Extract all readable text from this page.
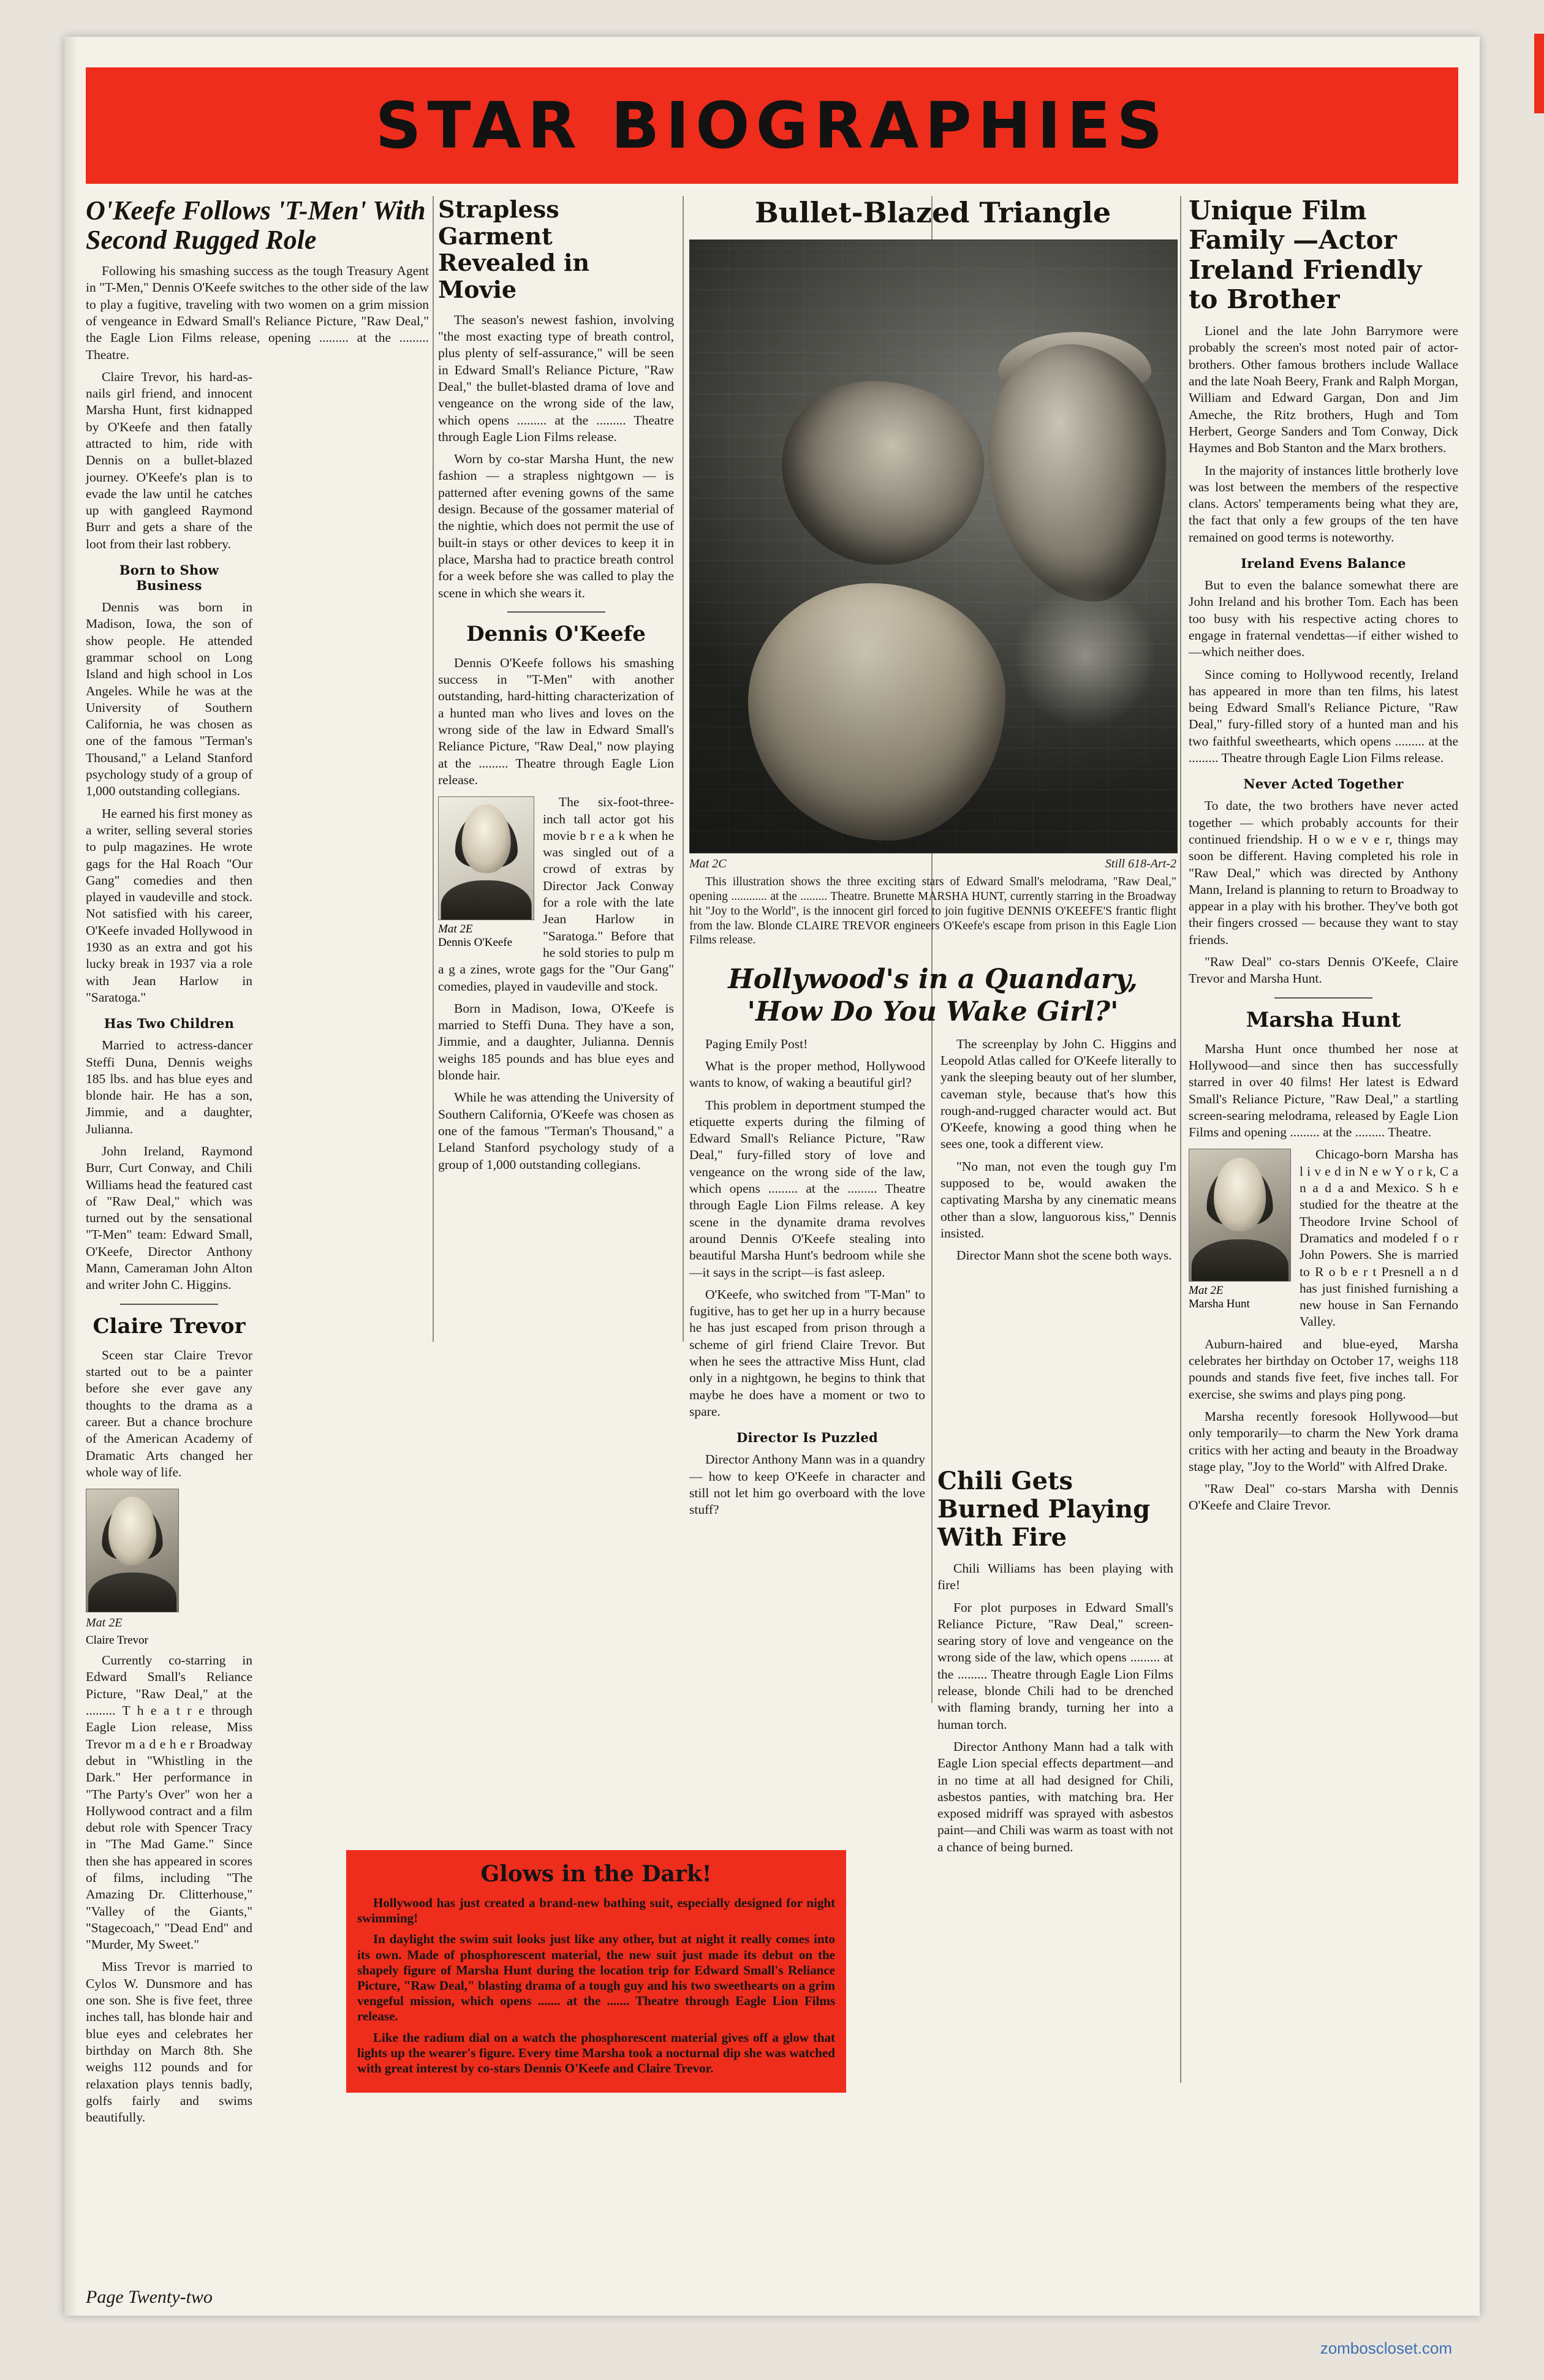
STAR BIOGRAPHIES
O'Keefe Follows 'T-Men' With Second Rugged Role

Following his smashing success as the tough Treasury Agent in "T-Men," Dennis O'Keefe switches to the other side of the law to play a fugitive, traveling with two women on a grim mission of vengeance in Edward Small's Reliance Picture, "Raw Deal," the Eagle Lion Films release, opening ......... at the ......... Theatre.

Claire Trevor, his hard-as-nails girl friend, and innocent Marsha Hunt, first kidnapped by O'Keefe and then fatally attracted to him, ride with Dennis on a bullet-blazed journey. O'Keefe's plan is to evade the law until he catches up with gangleed Raymond Burr and gets a share of the loot from their last robbery.

Born to Show Business

Dennis was born in Madison, Iowa, the son of show people. He attended grammar school on Long Island and high school in Los Angeles. While he was at the University of Southern California, he was chosen as one of the famous "Terman's Thousand," a Leland Stanford psychology study of a group of 1,000 outstanding collegians.

He earned his first money as a writer, selling several stories to pulp magazines. He wrote gags for the Hal Roach "Our Gang" comedies and then played in vaudeville and stock. Not satisfied with his career, O'Keefe invaded Hollywood in 1930 as an extra and got his lucky break in 1937 via a role with Jean Harlow in "Saratoga."

Has Two Children

Married to actress-dancer Steffi Duna, Dennis weighs 185 lbs. and has blue eyes and blonde hair. He has a son, Jimmie, and a daughter, Julianna.

John Ireland, Raymond Burr, Curt Conway, and Chili Williams head the featured cast of "Raw Deal," which was turned out by the sensational "T-Men" team: Edward Small, O'Keefe, Director Anthony Mann, Cameraman John Alton and writer John C. Higgins.

Claire Trevor

Sceen star Claire Trevor started out to be a painter before she ever gave any thoughts to the drama as a career. But a chance brochure of the American Academy of Dramatic Arts changed her whole way of life.

Mat 2E
Claire Trevor

Currently co-starring in Edward Small's Reliance Picture, "Raw Deal," at the ......... T h e a t r e through Eagle Lion release, Miss Trevor m a d e h e r Broadway debut in "Whistling in the Dark." Her performance in "The Party's Over" won her a Hollywood contract and a film debut role with Spencer Tracy in "The Mad Game." Since then she has appeared in scores of films, including "The Amazing Dr. Clitterhouse," "Valley of the Giants," "Stagecoach," "Dead End" and "Murder, My Sweet."

Miss Trevor is married to Cylos W. Dunsmore and has one son. She is five feet, three inches tall, has blonde hair and blue eyes and celebrates her birthday on March 8th. She weighs 112 pounds and for relaxation plays tennis badly, golfs fairly and swims beautifully.

Strapless Garment Revealed in Movie

The season's newest fashion, involving "the most exacting type of breath control, plus plenty of self-assurance," will be seen in Edward Small's Reliance Picture, "Raw Deal," the bullet-blasted drama of love and vengeance on the wrong side of the law, which opens ......... at the ......... Theatre through Eagle Lion Films release.

Worn by co-star Marsha Hunt, the new fashion — a strapless nightgown — is patterned after evening gowns of the same design. Because of the gossamer material of the nightie, which does not permit the use of built-in stays or other devices to keep it in place, Marsha had to practice breath control for a week before she was called to play the scene in which she wears it.

Dennis O'Keefe

Dennis O'Keefe follows his smashing success in "T-Men" with another outstanding, hard-hitting characterization of a hunted man who lives and loves on the wrong side of the law in Edward Small's Reliance Picture, "Raw Deal," now playing at the ......... Theatre through Eagle Lion release.

Mat 2E
Dennis O'Keefe

The six-foot-three-inch tall actor got his movie b r e a k when he was singled out of a crowd of extras by Director Jack Conway for a role with the late Jean Harlow in "Saratoga." Before that he sold stories to pulp m a g a zines, wrote gags for the "Our Gang" comedies, played in vaudeville and stock.

Born in Madison, Iowa, O'Keefe is married to Steffi Duna. They have a son, Jimmie, and a daughter, Julianna. Dennis weighs 185 pounds and has blue eyes and blonde hair.

While he was attending the University of Southern California, O'Keefe was chosen as one of the famous "Terman's Thousand," a Leland Stanford psychology study of a group of 1,000 outstanding collegians.

Bullet-Blazed Triangle
Mat 2C	Still 618-Art-2
This illustration shows the three exciting stars of Edward Small's melodrama, "Raw Deal," opening ............ at the ......... Theatre. Brunette MARSHA HUNT, currently starring in the Broadway hit "Joy to the World", is the innocent girl forced to join fugitive DENNIS O'KEEFE'S frantic flight from the law. Blonde CLAIRE TREVOR engineers O'Keefe's escape from prison in this Eagle Lion Films release.
Hollywood's in a Quandary, 'How Do You Wake Girl?'

Paging Emily Post!

What is the proper method, Hollywood wants to know, of waking a beautiful girl?

This problem in deportment stumped the etiquette experts during the filming of Edward Small's Reliance Picture, "Raw Deal," fury-filled story of love and vengeance on the wrong side of the law, which opens ......... at the ......... Theatre through Eagle Lion Films release. A key scene in the dynamite drama revolves around Dennis O'Keefe stealing into beautiful Marsha Hunt's bedroom while she—it says in the script—is fast asleep.

O'Keefe, who switched from "T-Man" to fugitive, has to get her up in a hurry because he has just escaped from prison through a scheme of girl friend Claire Trevor. But when he sees the attractive Miss Hunt, clad only in a nightgown, he begins to think that maybe he does have a moment or two to spare.

Director Is Puzzled

Director Anthony Mann was in a quandry — how to keep O'Keefe in character and still not let him go overboard with the love stuff?

The screenplay by John C. Higgins and Leopold Atlas called for O'Keefe literally to yank the sleeping beauty out of her slumber, caveman style, because that's how this rough-and-rugged character would act. But O'Keefe, knowing a good thing when he sees one, took a different view.

"No man, not even the tough guy I'm supposed to be, would awaken the captivating Marsha by any cinematic means other than a slow, languorous kiss," Dennis insisted.

Director Mann shot the scene both ways.

Chili Gets Burned Playing With Fire

Chili Williams has been playing with fire!

For plot purposes in Edward Small's Reliance Picture, "Raw Deal," screen-searing story of love and vengeance on the wrong side of the law, which opens ......... at the ......... Theatre through Eagle Lion Films release, blonde Chili had to be drenched with flaming brandy, turning her into a human torch.

Director Anthony Mann had a talk with Eagle Lion special effects department—and in no time at all had designed for Chili, asbestos panties, with matching bra. Her exposed midriff was sprayed with asbestos paint—and Chili was warm as toast with not a chance of being burned.

Unique Film Family —Actor Ireland Friendly to Brother

Lionel and the late John Barrymore were probably the screen's most noted pair of actor-brothers. Other famous brothers include Wallace and the late Noah Beery, Frank and Ralph Morgan, William and Edward Gargan, Don and Jim Ameche, the Ritz brothers, Hugh and Tom Herbert, George Sanders and Tom Conway, Dick Haymes and Bob Stanton and the Marx brothers.

In the majority of instances little brotherly love was lost between the members of the respective clans. Actors' temperaments being what they are, the fact that only a few groups of the ten have remained on good terms is noteworthy.

Ireland Evens Balance

But to even the balance somewhat there are John Ireland and his brother Tom. Each has been too busy with his respective acting chores to engage in fraternal vendettas—if either wished to—which neither does.

Since coming to Hollywood recently, Ireland has appeared in more than ten films, his latest being Edward Small's Reliance Picture, "Raw Deal," fury-filled story of a hunted man and his two faithful sweethearts, which opens ......... at the ......... Theatre through Eagle Lion Films release.

Never Acted Together

To date, the two brothers have never acted together — which probably accounts for their continued friendship. H o w e v e r, things may soon be different. Having completed his role in "Raw Deal," which was directed by Anthony Mann, Ireland is planning to return to Broadway to appear in a play with his brother. They've both got their fingers crossed — because they want to stay friends.

"Raw Deal" co-stars Dennis O'Keefe, Claire Trevor and Marsha Hunt.

Marsha Hunt

Marsha Hunt once thumbed her nose at Hollywood—and since then has successfully starred in over 40 films! Her latest is Edward Small's Reliance Picture, "Raw Deal," a startling screen-searing melodrama, released by Eagle Lion Films and opening ......... at the ......... Theatre.

Mat 2E
Marsha Hunt

Chicago-born Marsha has l i v e d in N e w Y o r k, C a n a d a and Mexico. S h e studied for the theatre at the Theodore Irvine School of Dramatics and modeled f o r John Powers. She is married to R o b e r t Presnell a n d has just finished furnishing a new house in San Fernando Valley.

Auburn-haired and blue-eyed, Marsha celebrates her birthday on October 17, weighs 118 pounds and stands five feet, five inches tall. For exercise, she swims and plays ping pong.

Marsha recently foresook Hollywood—but only temporarily—to charm the New York drama critics with her acting and beauty in the Broadway stage play, "Joy to the World" with Alfred Drake.

"Raw Deal" co-stars Marsha with Dennis O'Keefe and Claire Trevor.

Glows in the Dark!

Hollywood has just created a brand-new bathing suit, especially designed for night swimming!

In daylight the swim suit looks just like any other, but at night it really comes into its own. Made of phosphorescent material, the new suit just made its debut on the shapely figure of Marsha Hunt during the location trip for Edward Small's Reliance Picture, "Raw Deal," blasting drama of a tough guy and his two sweethearts on a grim vengeful mission, which opens ....... at the ....... Theatre through Eagle Lion Films release.

Like the radium dial on a watch the phosphorescent material gives off a glow that lights up the wearer's figure. Every time Marsha took a nocturnal dip she was watched with great interest by co-stars Dennis O'Keefe and Claire Trevor.

Page Twenty-two
zomboscloset.com
